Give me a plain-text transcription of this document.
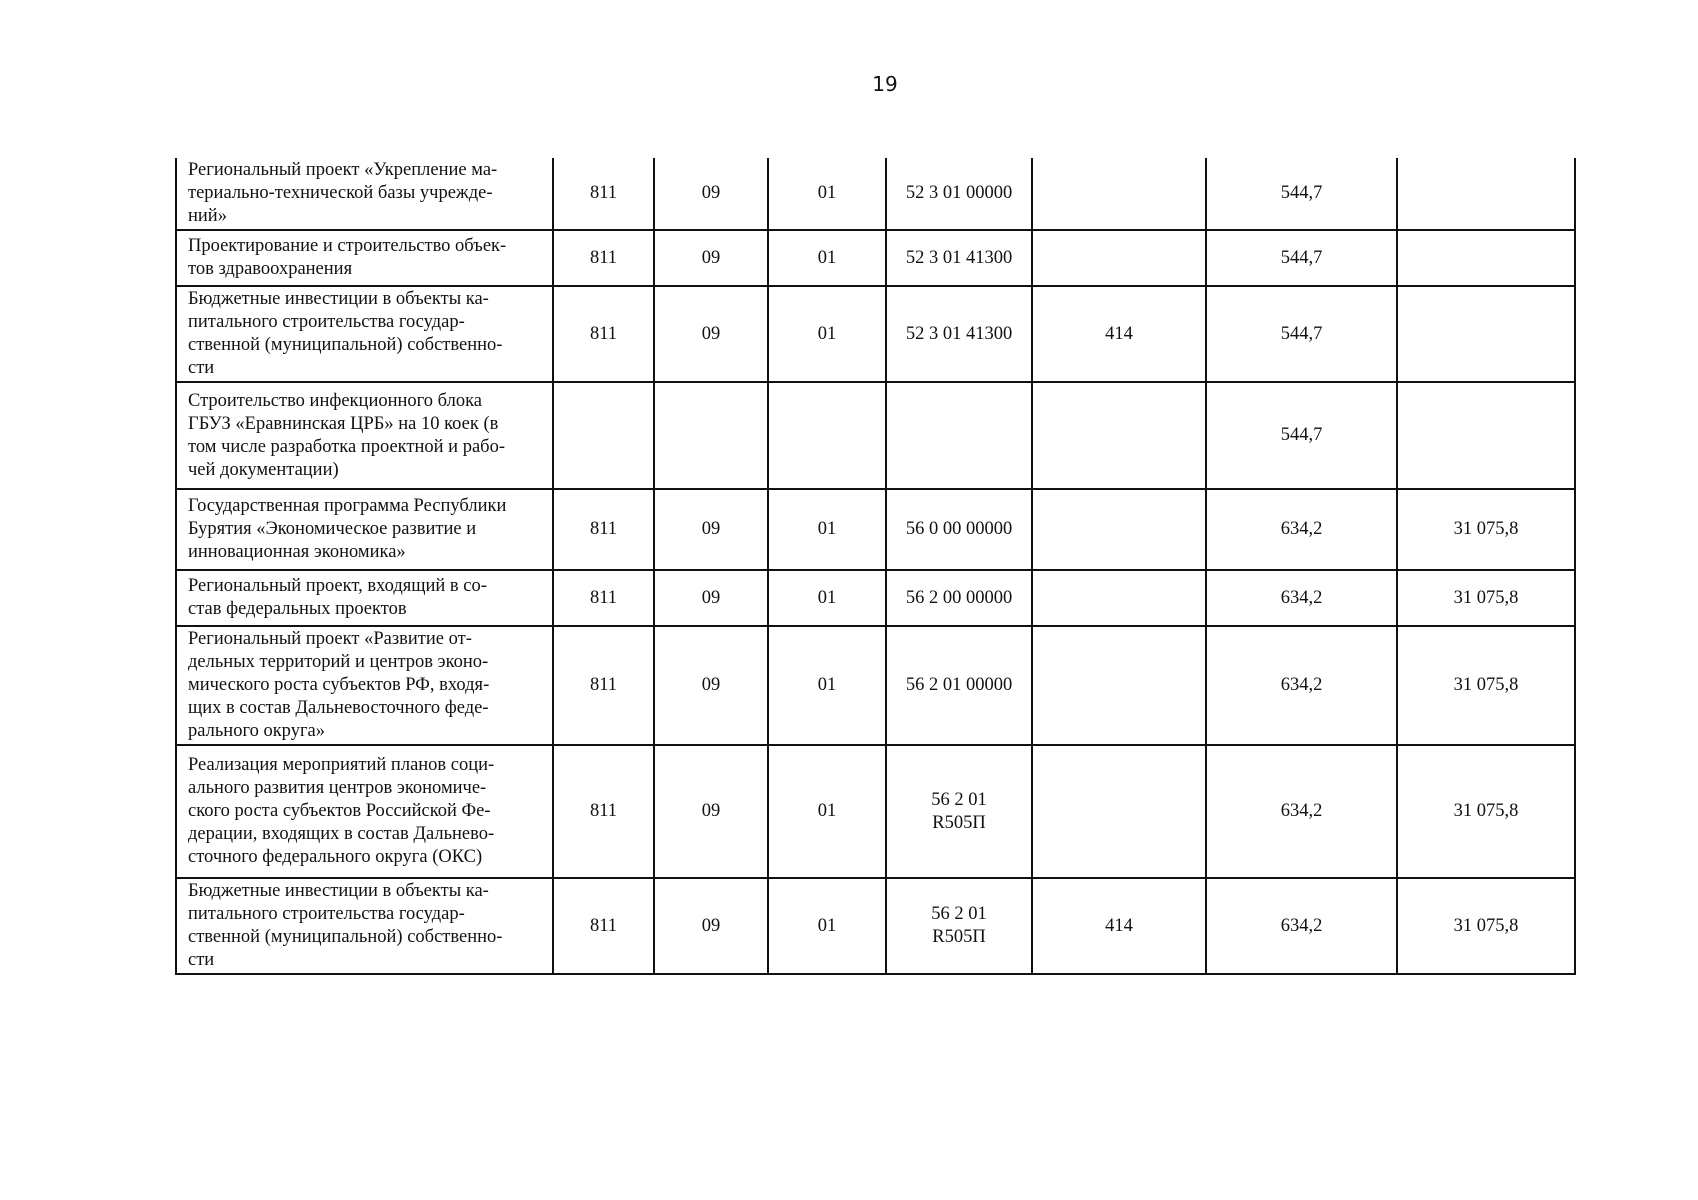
19
Региональный проект «Укрепление ма-
териально-технической базы учрежде-
ний»	811	09	01	52 3 01 00000		544,7	
Проектирование и строительство объек-
тов здравоохранения	811	09	01	52 3 01 41300		544,7	
Бюджетные инвестиции в объекты ка-
питального строительства государ-
ственной (муниципальной) собственно-
сти	811	09	01	52 3 01 41300	414	544,7	
Строительство инфекционного блока
ГБУЗ «Еравнинская ЦРБ» на 10 коек (в
том числе разработка проектной и рабо-
чей документации)						544,7	
Государственная программа Республики
Бурятия «Экономическое развитие и
инновационная экономика»	811	09	01	56 0 00 00000		634,2	31 075,8
Региональный проект, входящий в со-
став федеральных проектов	811	09	01	56 2 00 00000		634,2	31 075,8
Региональный проект «Развитие от-
дельных территорий и центров эконо-
мического роста субъектов РФ, входя-
щих в состав Дальневосточного феде-
рального округа»	811	09	01	56 2 01 00000		634,2	31 075,8
Реализация мероприятий планов соци-
ального развития центров экономиче-
ского роста субъектов Российской Фе-
дерации, входящих в состав Дальнево-
сточного федерального округа (ОКС)	811	09	01	56 2 01
R505П		634,2	31 075,8
Бюджетные инвестиции в объекты ка-
питального строительства государ-
ственной (муниципальной) собственно-
сти	811	09	01	56 2 01
R505П	414	634,2	31 075,8
